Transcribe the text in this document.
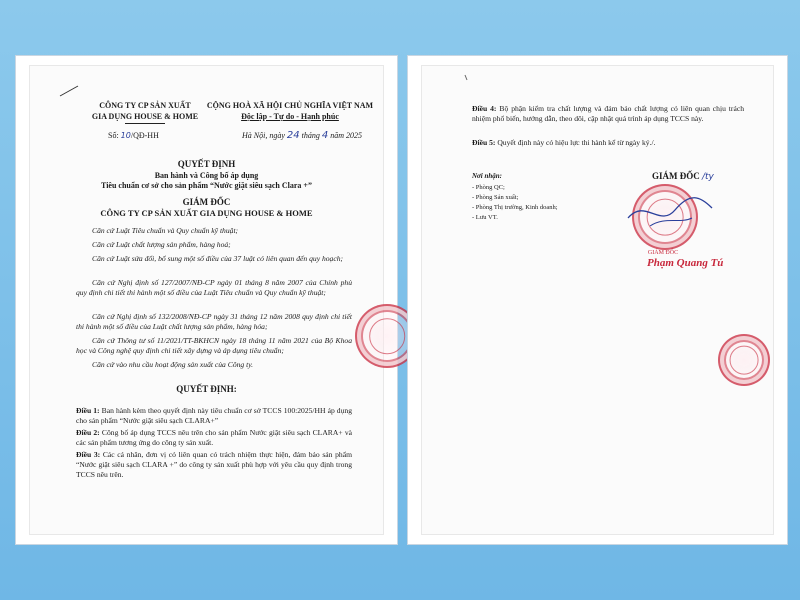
CÔNG TY CP SẢN XUẤT
GIA DỤNG HOUSE & HOME
CỘNG HOÀ XÃ HỘI CHỦ NGHĨA VIỆT NAM
Độc lập - Tự do - Hạnh phúc
Số: 10/QĐ-HH	Hà Nội, ngày 24 tháng 4 năm 2025
QUYẾT ĐỊNH
Ban hành và Công bố áp dụng
Tiêu chuẩn cơ sở cho sản phẩm “Nước giặt siêu sạch Clara +”
GIÁM ĐỐC
CÔNG TY CP SẢN XUẤT GIA DỤNG HOUSE & HOME
Căn cứ Luật Tiêu chuẩn và Quy chuẩn kỹ thuật;
Căn cứ Luật chất lượng sản phẩm, hàng hoá;
Căn cứ Luật sửa đổi, bổ sung một số điều của 37 luật có liên quan đến quy hoạch;
Căn cứ Nghị định số 127/2007/NĐ-CP ngày 01 tháng 8 năm 2007 của Chính phủ quy định chi tiết thi hành một số điều của Luật Tiêu chuẩn và Quy chuẩn kỹ thuật;
Căn cứ Nghị định số 132/2008/NĐ-CP ngày 31 tháng 12 năm 2008 quy định chi tiết thi hành một số điều của Luật chất lượng sản phẩm, hàng hóa;
Căn cứ Thông tư số 11/2021/TT-BKHCN ngày 18 tháng 11 năm 2021 của Bộ Khoa học và Công nghệ quy định chi tiết xây dựng và áp dụng tiêu chuẩn;
Căn cứ vào nhu cầu hoạt động sản xuất của Công ty.
QUYẾT ĐỊNH:
Điều 1: Ban hành kèm theo quyết định này tiêu chuẩn cơ sở TCCS 100:2025/HH áp dụng cho sản phẩm “Nước giặt siêu sạch CLARA+”
Điều 2: Công bố áp dụng TCCS nêu trên cho sản phẩm Nước giặt siêu sạch CLARA+ và các sản phẩm tương ứng do công ty sản xuất.
Điều 3: Các cá nhân, đơn vị có liên quan có trách nhiệm thực hiện, đảm bảo sản phẩm “Nước giặt siêu sạch CLARA +” do công ty sản xuất phù hợp với yêu cầu quy định trong TCCS nêu trên.
Điều 4: Bộ phận kiểm tra chất lượng và đảm bảo chất lượng có liên quan chịu trách nhiệm phổ biến, hướng dẫn, theo dõi, cập nhật quá trình áp dụng TCCS này.
Điều 5: Quyết định này có hiệu lực thi hành kể từ ngày ký./.
Nơi nhận:
- Phòng QC;
- Phòng Sản xuất;
- Phòng Thị trường, Kinh doanh;
- Lưu VT.
GIÁM ĐỐC /ty
GIÁM ĐỐC
Phạm Quang Tú
